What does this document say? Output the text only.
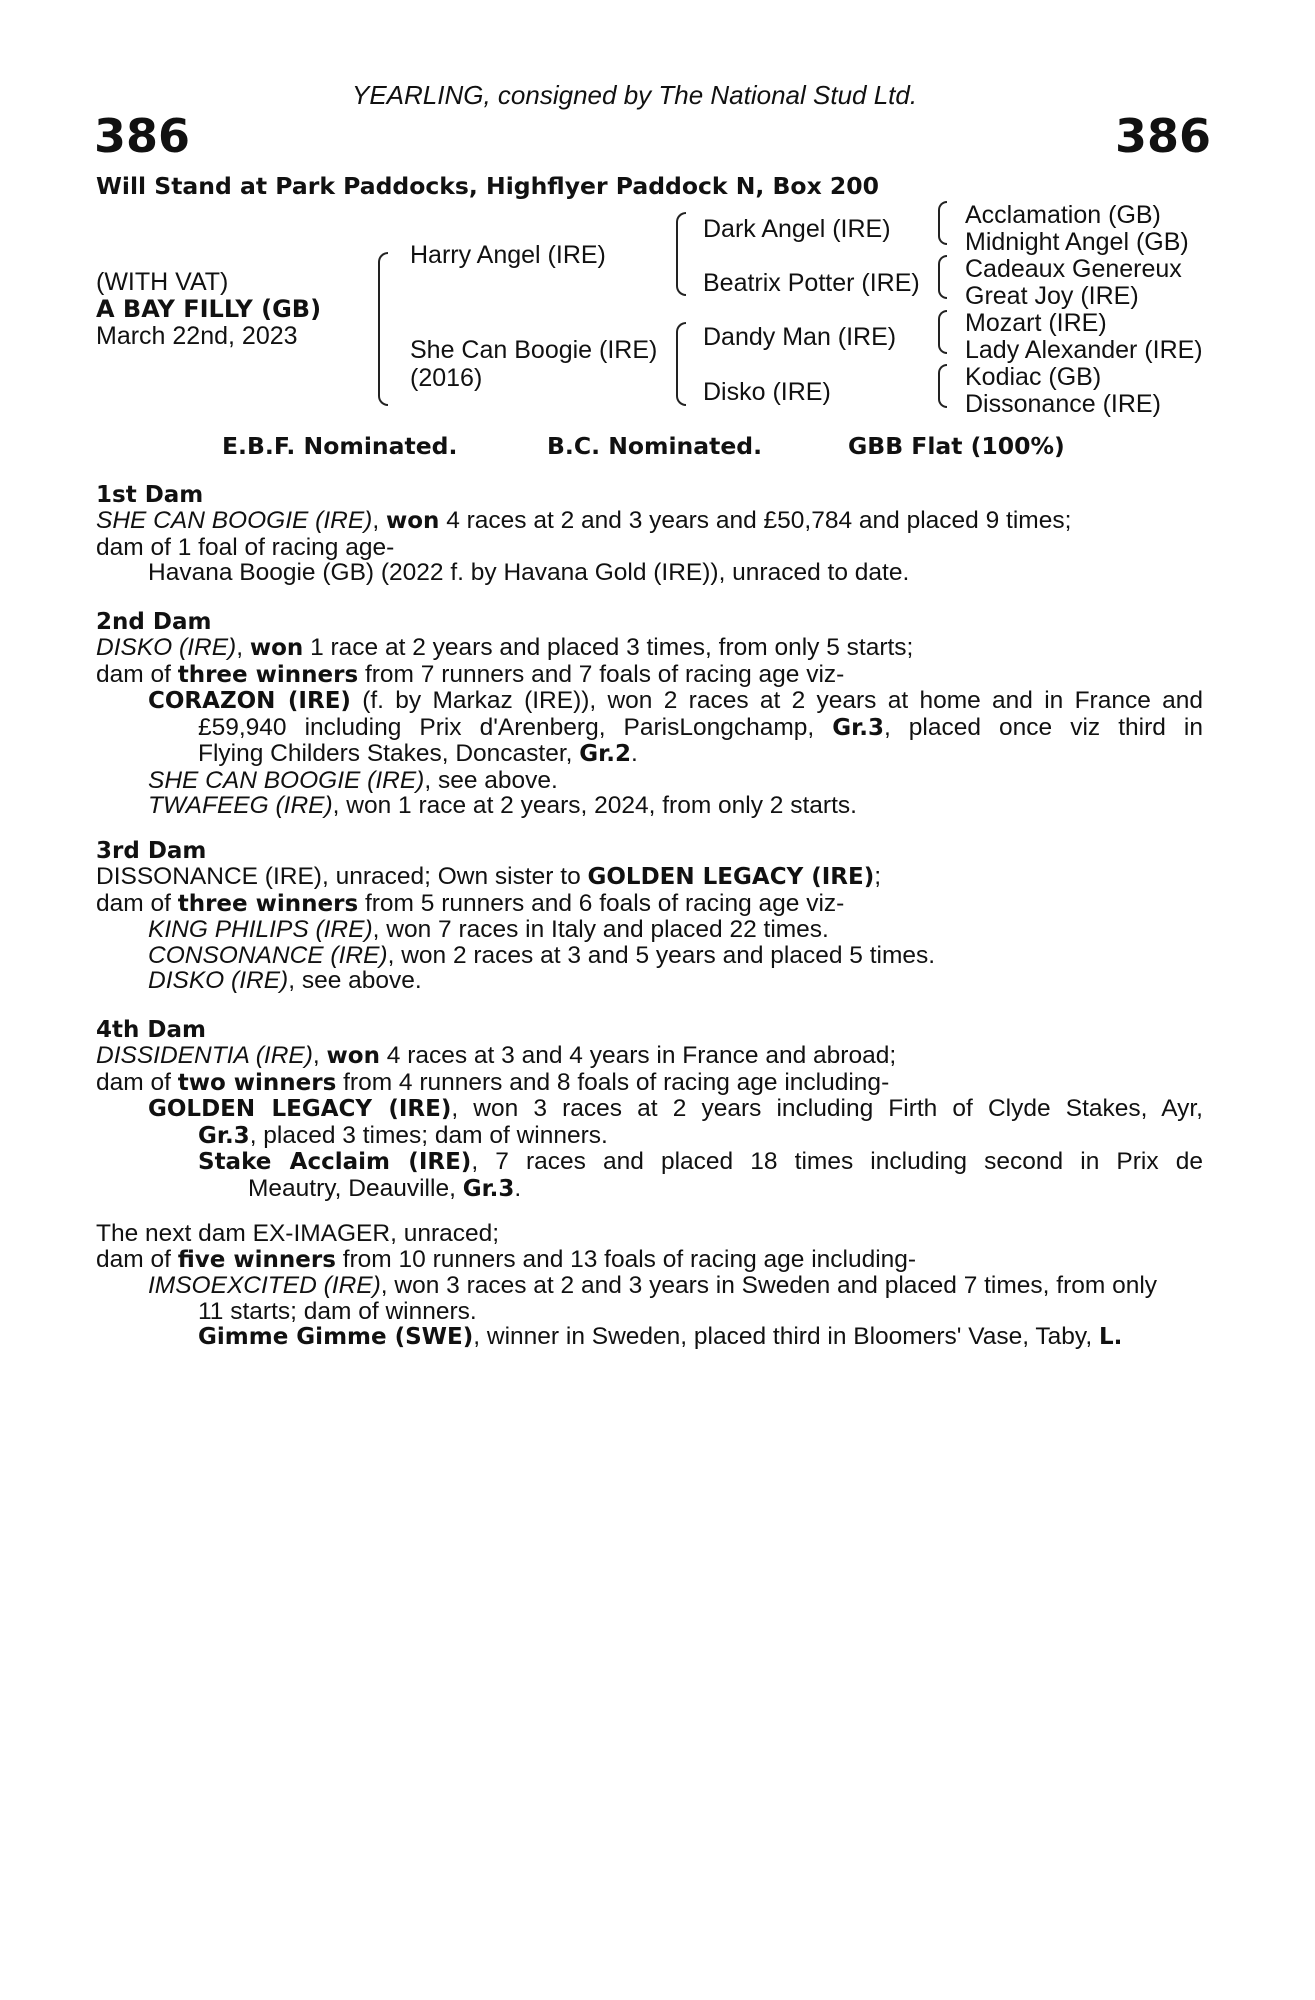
YEARLING, consigned by The National Stud Ltd.
386	386
Will Stand at Park Paddocks, Highflyer Paddock N, Box 200
(WITH VAT)
A BAY FILLY (GB)
March 22nd, 2023
Harry Angel (IRE)
She Can Boogie (IRE)
(2016)
Dark Angel (IRE)
Beatrix Potter (IRE)
Dandy Man (IRE)
Disko (IRE)
Acclamation (GB)
Midnight Angel (GB)
Cadeaux Genereux
Great Joy (IRE)
Mozart (IRE)
Lady Alexander (IRE)
Kodiac (GB)
Dissonance (IRE)
E.B.F. Nominated.	B.C. Nominated.	GBB Flat (100%)
1st Dam
SHE CAN BOOGIE (IRE), won 4 races at 2 and 3 years and £50,784 and placed 9 times;
dam of 1 foal of racing age-
Havana Boogie (GB) (2022 f. by Havana Gold (IRE)), unraced to date.
2nd Dam
DISKO (IRE), won 1 race at 2 years and placed 3 times, from only 5 starts;
dam of three winners from 7 runners and 7 foals of racing age viz-
CORAZON (IRE) (f. by Markaz (IRE)), won 2 races at 2 years at home and in France and
£59,940 including Prix d'Arenberg, ParisLongchamp, Gr.3, placed once viz third in
Flying Childers Stakes, Doncaster, Gr.2.
SHE CAN BOOGIE (IRE), see above.
TWAFEEG (IRE), won 1 race at 2 years, 2024, from only 2 starts.
3rd Dam
DISSONANCE (IRE), unraced; Own sister to GOLDEN LEGACY (IRE);
dam of three winners from 5 runners and 6 foals of racing age viz-
KING PHILIPS (IRE), won 7 races in Italy and placed 22 times.
CONSONANCE (IRE), won 2 races at 3 and 5 years and placed 5 times.
DISKO (IRE), see above.
4th Dam
DISSIDENTIA (IRE), won 4 races at 3 and 4 years in France and abroad;
dam of two winners from 4 runners and 8 foals of racing age including-
GOLDEN LEGACY (IRE), won 3 races at 2 years including Firth of Clyde Stakes, Ayr,
Gr.3, placed 3 times; dam of winners.
Stake Acclaim (IRE), 7 races and placed 18 times including second in Prix de
Meautry, Deauville, Gr.3.
The next dam EX-IMAGER, unraced;
dam of five winners from 10 runners and 13 foals of racing age including-
IMSOEXCITED (IRE), won 3 races at 2 and 3 years in Sweden and placed 7 times, from only
11 starts; dam of winners.
Gimme Gimme (SWE), winner in Sweden, placed third in Bloomers' Vase, Taby, L.
